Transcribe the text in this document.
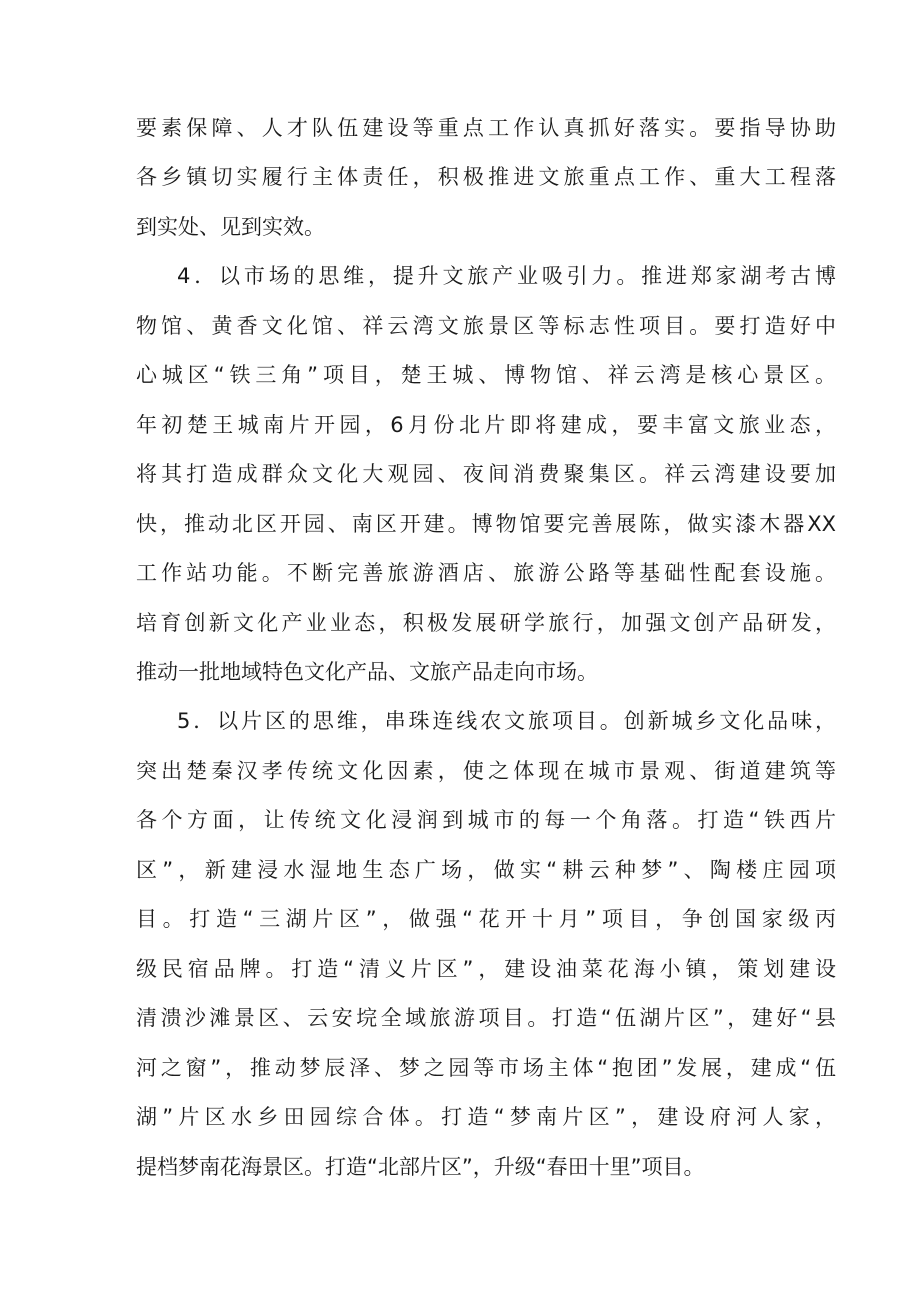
要素保障、人才队伍建设等重点工作认真抓好落实。要指导协助
各乡镇切实履行主体责任，积极推进文旅重点工作、重大工程落
到实处、见到实效。
4．以市场的思维，提升文旅产业吸引力。推进郑家湖考古博
物馆、黄香文化馆、祥云湾文旅景区等标志性项目。要打造好中
心城区“铁三角”项目，楚王城、博物馆、祥云湾是核心景区。
年初楚王城南片开园，6月份北片即将建成，要丰富文旅业态，
将其打造成群众文化大观园、夜间消费聚集区。祥云湾建设要加
快，推动北区开园、南区开建。博物馆要完善展陈，做实漆木器XX
工作站功能。不断完善旅游酒店、旅游公路等基础性配套设施。
培育创新文化产业业态，积极发展研学旅行，加强文创产品研发，
推动一批地域特色文化产品、文旅产品走向市场。
5．以片区的思维，串珠连线农文旅项目。创新城乡文化品味，
突出楚秦汉孝传统文化因素，使之体现在城市景观、街道建筑等
各个方面，让传统文化浸润到城市的每一个角落。打造“铁西片
区”，新建浸水湿地生态广场，做实“耕云种梦”、陶楼庄园项
目。打造“三湖片区”，做强“花开十月”项目，争创国家级丙
级民宿品牌。打造“清义片区”，建设油菜花海小镇，策划建设
清溃沙滩景区、云安垸全域旅游项目。打造“伍湖片区”，建好“县
河之窗”，推动梦辰泽、梦之园等市场主体“抱团”发展，建成“伍
湖”片区水乡田园综合体。打造“梦南片区”，建设府河人家，
提档梦南花海景区。打造“北部片区”，升级“春田十里”项目。
